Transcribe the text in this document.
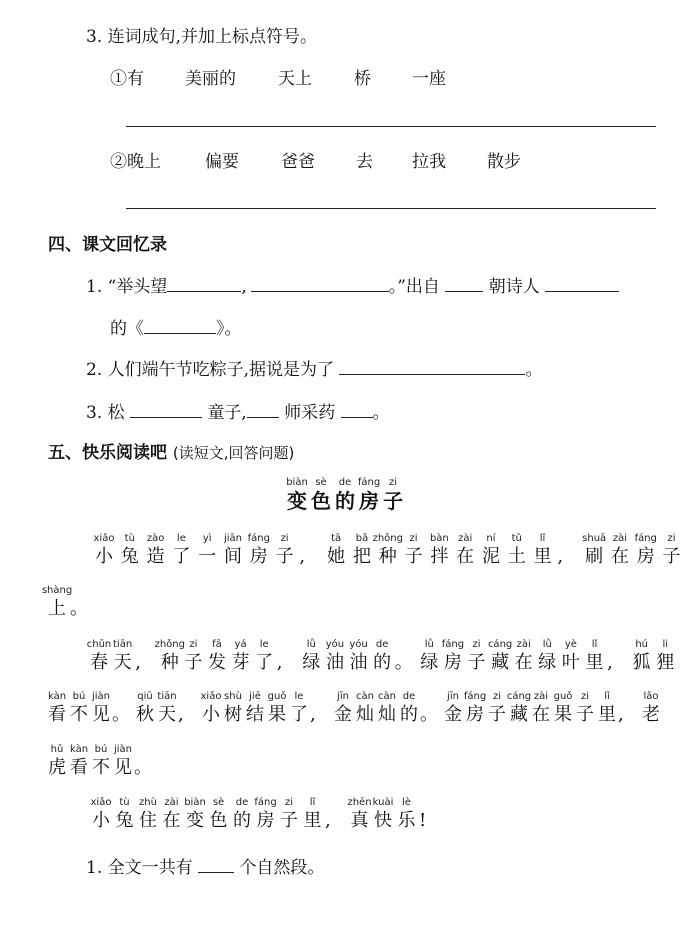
3. 连词成句,并加上标点符号。
①有 美丽的 天上 桥 一座
②晚上	偏要 爸爸 去 拉我 散步
四、课文回忆录
1. “举头望	,	。”出自	朝诗人
的《	》。
2. 人们端午节吃粽子,据说是为了	。
3. 松	童子, 师采药 。
五、快乐阅读吧 (读短文,回答问题)
biàn
变
sè
色
de
的
fáng
房
zi
子
xiǎo
小
tù
兔
zào
造
le
了
yì
一
jiān
间
fáng
房
zi
子 ,
tā
她
bǎ
把
zhǒng
种
zi
子
bàn
拌
zài
在
ní
泥
tǔ
土
lǐ
里 ,
shuā
刷
zài
在
fáng
房
zi
子
shàng
上 。
chūn
春
tiān
天 ,
zhǒng
种
zi
子
fā
发
yá
芽
le
了 ,
lǜ
绿
yóu
油
yóu
油
de
的 。
lǜ
绿
fáng
房
zi
子
cáng
藏
zài
在
lǜ
绿
yè
叶
lǐ
里 ,
hú
狐
li
狸
kàn
看
bú
不
jiàn
见 。
qiū
秋
tiān
天 ,
xiǎo
小
shù
树
jiē
结
guǒ
果
le
了 ,
jīn
金
càn
灿
càn
灿
de
的 。
jīn
金
fáng
房
zi
子
cáng
藏
zài
在
guǒ
果
zi
子
lǐ
里 ,
lǎo
老
hǔ
虎
kàn
看
bú
不
jiàn
见 。
xiǎo
小
tù
兔
zhù
住
zài
在
biàn
变
sè
色
de
的
fáng
房
zi
子
lǐ
里 ,
zhēn
真
kuài
快
lè
乐 !
1. 全文一共有	个自然段。
